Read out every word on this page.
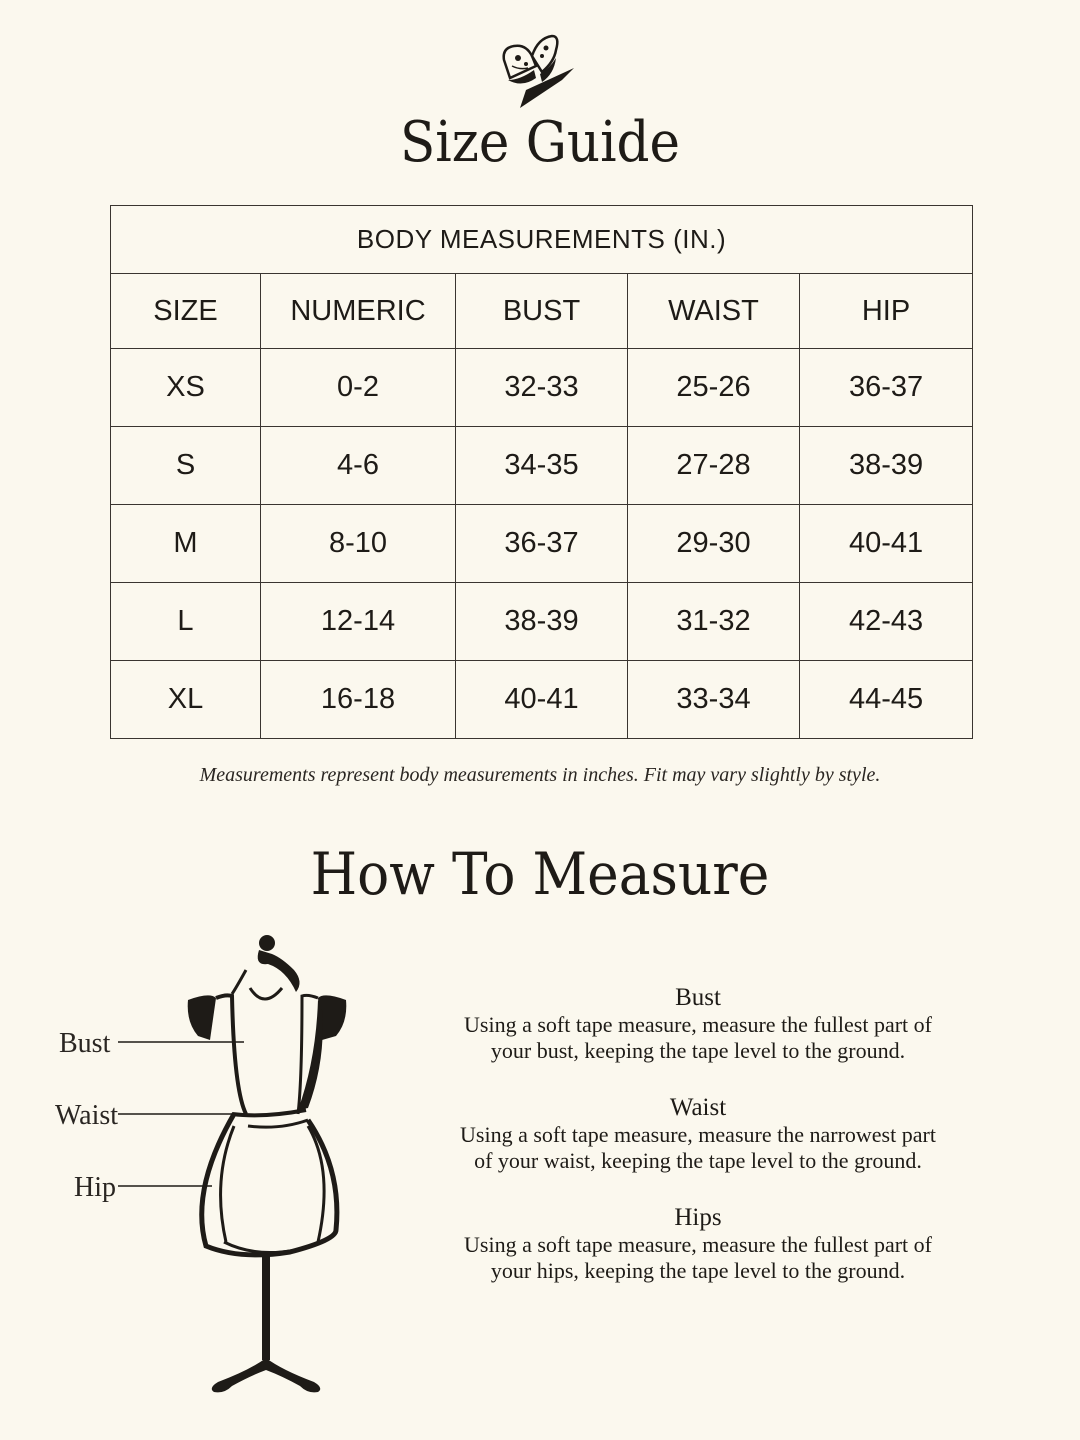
Size Guide
BODY MEASUREMENTS (IN.)				
SIZE	NUMERIC	BUST	WAIST	HIP
XS	0-2	32-33	25-26	36-37
S	4-6	34-35	27-28	38-39
M	8-10	36-37	29-30	40-41
L	12-14	38-39	31-32	42-43
XL	16-18	40-41	33-34	44-45

Measurements represent body measurements in inches. Fit may vary slightly by style.

How To Measure
Bust
Waist
Hip
Bust

Using a soft tape measure, measure the fullest part of

your bust, keeping the tape level to the ground.

Waist

Using a soft tape measure, measure the narrowest part

of your waist, keeping the tape level to the ground.

Hips

Using a soft tape measure, measure the fullest part of

your hips, keeping the tape level to the ground.
